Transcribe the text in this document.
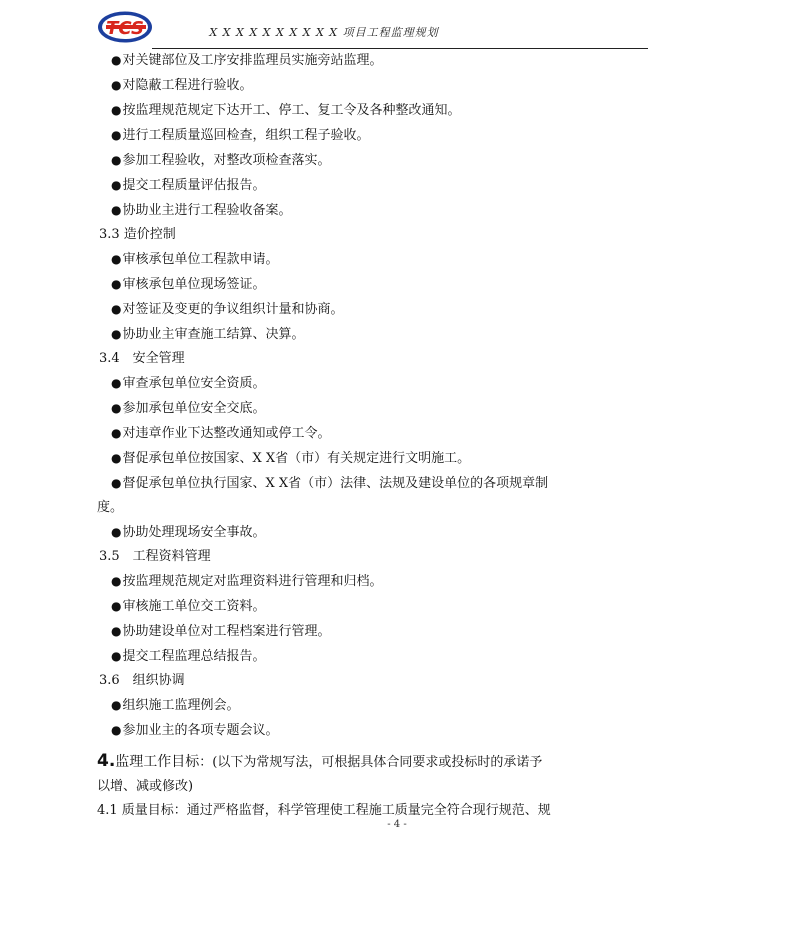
TCS	X X X X X X X X X X 项目工程监理规划
●对关键部位及工序安排监理员实施旁站监理。
●对隐蔽工程进行验收。
●按监理规范规定下达开工、停工、复工令及各种整改通知。
●进行工程质量巡回检查，组织工程子验收。
●参加工程验收，对整改项检查落实。
●提交工程质量评估报告。
●协助业主进行工程验收备案。
3.3 造价控制
●审核承包单位工程款申请。
●审核承包单位现场签证。
●对签证及变更的争议组织计量和协商。
●协助业主审查施工结算、决算。
3.4　安全管理
●审查承包单位安全资质。
●参加承包单位安全交底。
●对违章作业下达整改通知或停工令。
●督促承包单位按国家、X X省（市）有关规定进行文明施工。
●督促承包单位执行国家、X X省（市）法律、法规及建设单位的各项规章制
度。
●协助处理现场安全事故。
3.5　工程资料管理
●按监理规范规定对监理资料进行管理和归档。
●审核施工单位交工资料。
●协助建设单位对工程档案进行管理。
●提交工程监理总结报告。
3.6　组织协调
●组织施工监理例会。
●参加业主的各项专题会议。
4.监理工作目标：(以下为常规写法，可根据具体合同要求或投标时的承诺予
以增、减或修改)
4.1 质量目标：通过严格监督，科学管理使工程施工质量完全符合现行规范、规
- 4 -
